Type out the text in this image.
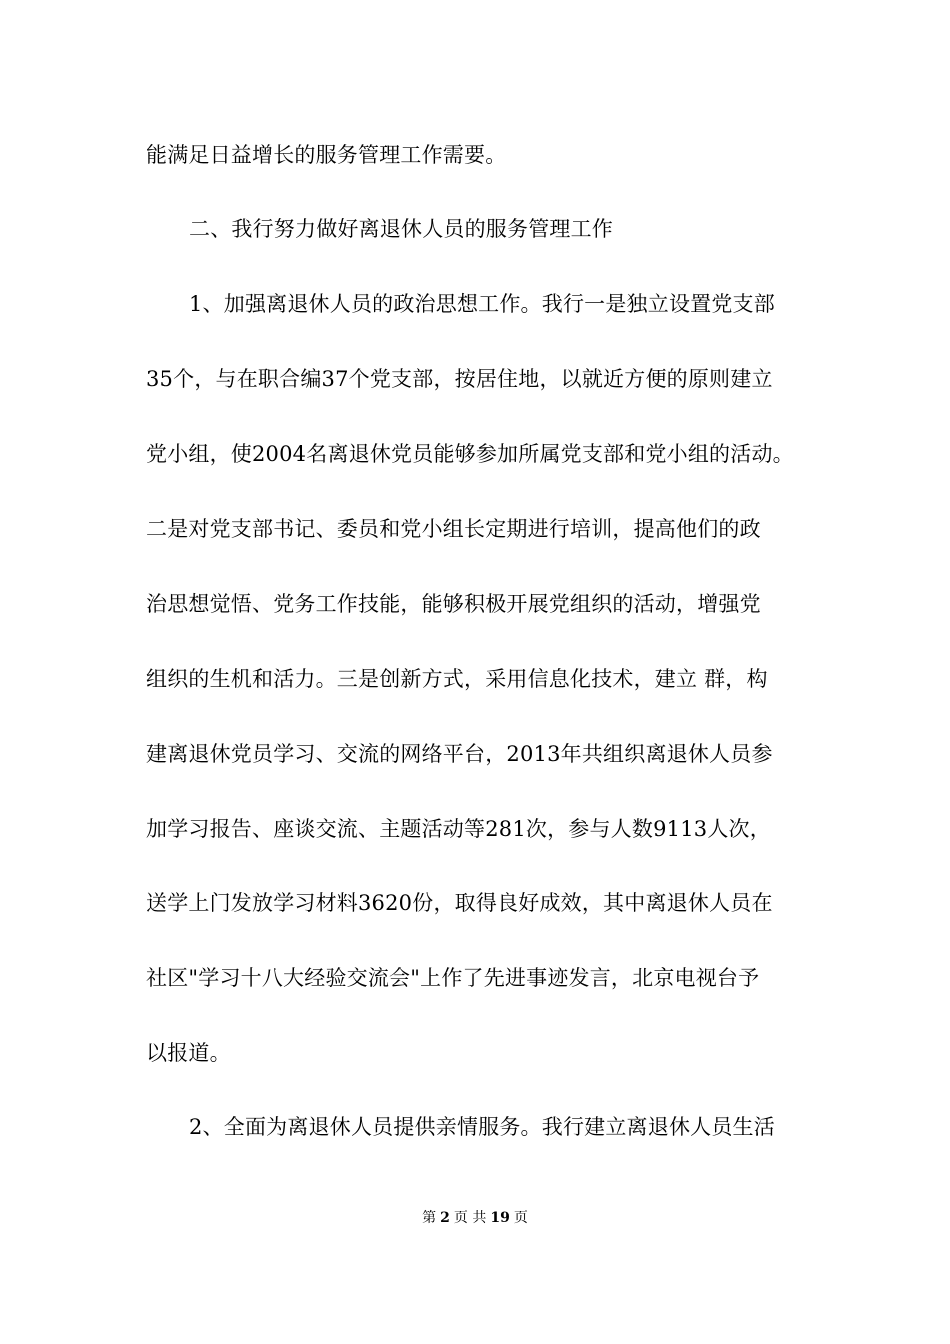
能满足日益增长的服务管理工作需要。
二、我行努力做好离退休人员的服务管理工作
1、加强离退休人员的政治思想工作。我行一是独立设置党支部
35个，与在职合编37个党支部，按居住地，以就近方便的原则建立
党小组，使2004名离退休党员能够参加所属党支部和党小组的活动。
二是对党支部书记、委员和党小组长定期进行培训，提高他们的政
治思想觉悟、党务工作技能，能够积极开展党组织的活动，增强党
组织的生机和活力。三是创新方式，采用信息化技术，建立 群，构
建离退休党员学习、交流的网络平台，2013年共组织离退休人员参
加学习报告、座谈交流、主题活动等281次，参与人数9113人次，
送学上门发放学习材料3620份，取得良好成效，其中离退休人员在
社区"学习十八大经验交流会"上作了先进事迹发言，北京电视台予
以报道。
2、全面为离退休人员提供亲情服务。我行建立离退休人员生活
第 2 页 共 19 页
